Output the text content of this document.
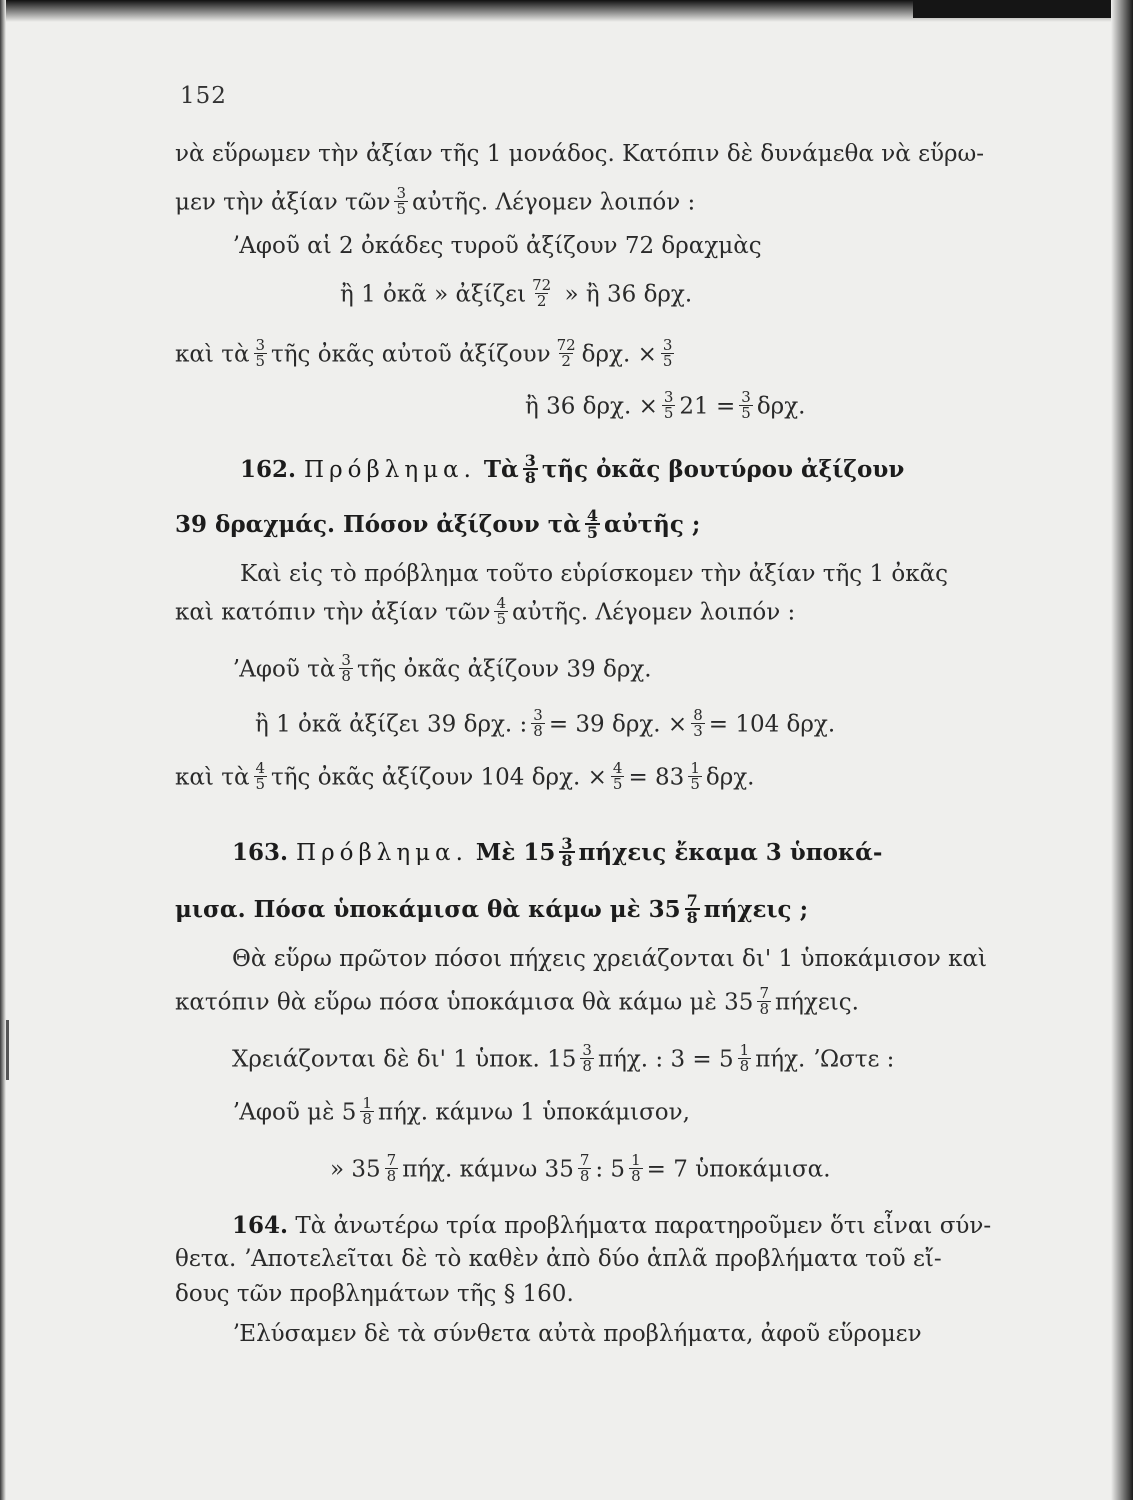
152
νὰ εὕρωμεν τὴν ἀξίαν τῆς 1 μονάδος. Κατόπιν δὲ δυνάμεθα νὰ εὕρω-
μεν τὴν ἀξίαν τῶν $\frac{3}{5}$ αὐτῆς. Λέγομεν λοιπόν :
ʼΑφοῦ αἱ 2 ὀκάδες τυροῦ ἀξίζουν 72 δραχμὰς
ἢ 1 ὀκᾶ » ἀξίζει $\frac{72}{2}$ » ἢ 36 δρχ.
καὶ τὰ $\frac{3}{5}$ τῆς ὀκᾶς αὐτοῦ ἀξίζουν $\frac{72}{2} \delta\rho\chi$. × $\frac{3}{5}$
ἢ 36 δρχ. × $\frac{3}{5} 21 = \frac{3}{5} \delta\rho\chi$.
162. Πρόβλημα. Τὰ $\frac{3}{8}$ τῆς ὀκᾶς βουτύρου ἀξίζουν
39 δραχμάς. Πόσον ἀξίζουν τὰ $\frac{4}{5}$ αὐτῆς ;
Καὶ εἰς τὸ πρόβλημα τοῦτο εὑρίσκομεν τὴν ἀξίαν τῆς 1 ὀκᾶς
καὶ κατόπιν τὴν ἀξίαν τῶν $\frac{4}{5}$ αὐτῆς. Λέγομεν λοιπόν :
ʼΑφοῦ τὰ $\frac{3}{8}$ τῆς ὀκᾶς ἀξίζουν 39 δρχ.
ἢ 1 ὀκᾶ ἀξίζει 39 δρχ. : $\frac{3}{8} = 39$ δρχ. × $\frac{8}{3} = 104$ δρχ.
καὶ τὰ $\frac{4}{5}$ τῆς ὀκᾶς ἀξίζουν 104 δρχ. × $\frac{4}{5} = 83 \frac{1}{5} \delta\rho\chi$.
163. Πρόβλημα. Μὲ $15 \frac{3}{8}$ πήχεις ἔκαμα 3 ὑποκά-
μισα. Πόσα ὑποκάμισα θὰ κάμω μὲ $35 \frac{7}{8}$ πήχεις ;
Θὰ εὕρω πρῶτον πόσοι πήχεις χρειάζονται δι' 1 ὑποκάμισον καὶ
κατόπιν θὰ εὕρω πόσα ὑποκάμισα θὰ κάμω μὲ $35 \frac{7}{8} \pi ή\chi\varepsilon\iota\varsigma$.
Χρειάζονται δὲ δι' 1 ὑποκ. $15 \frac{3}{8} \pi ή\chi$. : $3 = 5 \frac{1}{8} \pi ή\chi$. ʼΩστε :
ʼΑφοῦ μὲ $5 \frac{1}{8} \pi ή\chi$. κάμνω 1 ὑποκάμισον,
» $35 \frac{7}{8} \pi ή\chi$. κάμνω $35 \frac{7}{8}$ : $5 \frac{1}{8} = 7$ ὑποκάμισα.
164. Τὰ ἀνωτέρω τρία προβλήματα παρατηροῦμεν ὅτι εἶναι σύν-
θετα. ʼΑποτελεῖται δὲ τὸ καθὲν ἀπὸ δύο ἁπλᾶ προβλήματα τοῦ εἴ-
δους τῶν προβλημάτων τῆς § 160.
ʼΕλύσαμεν δὲ τὰ σύνθετα αὐτὰ προβλήματα, ἀφοῦ εὕρομεν
